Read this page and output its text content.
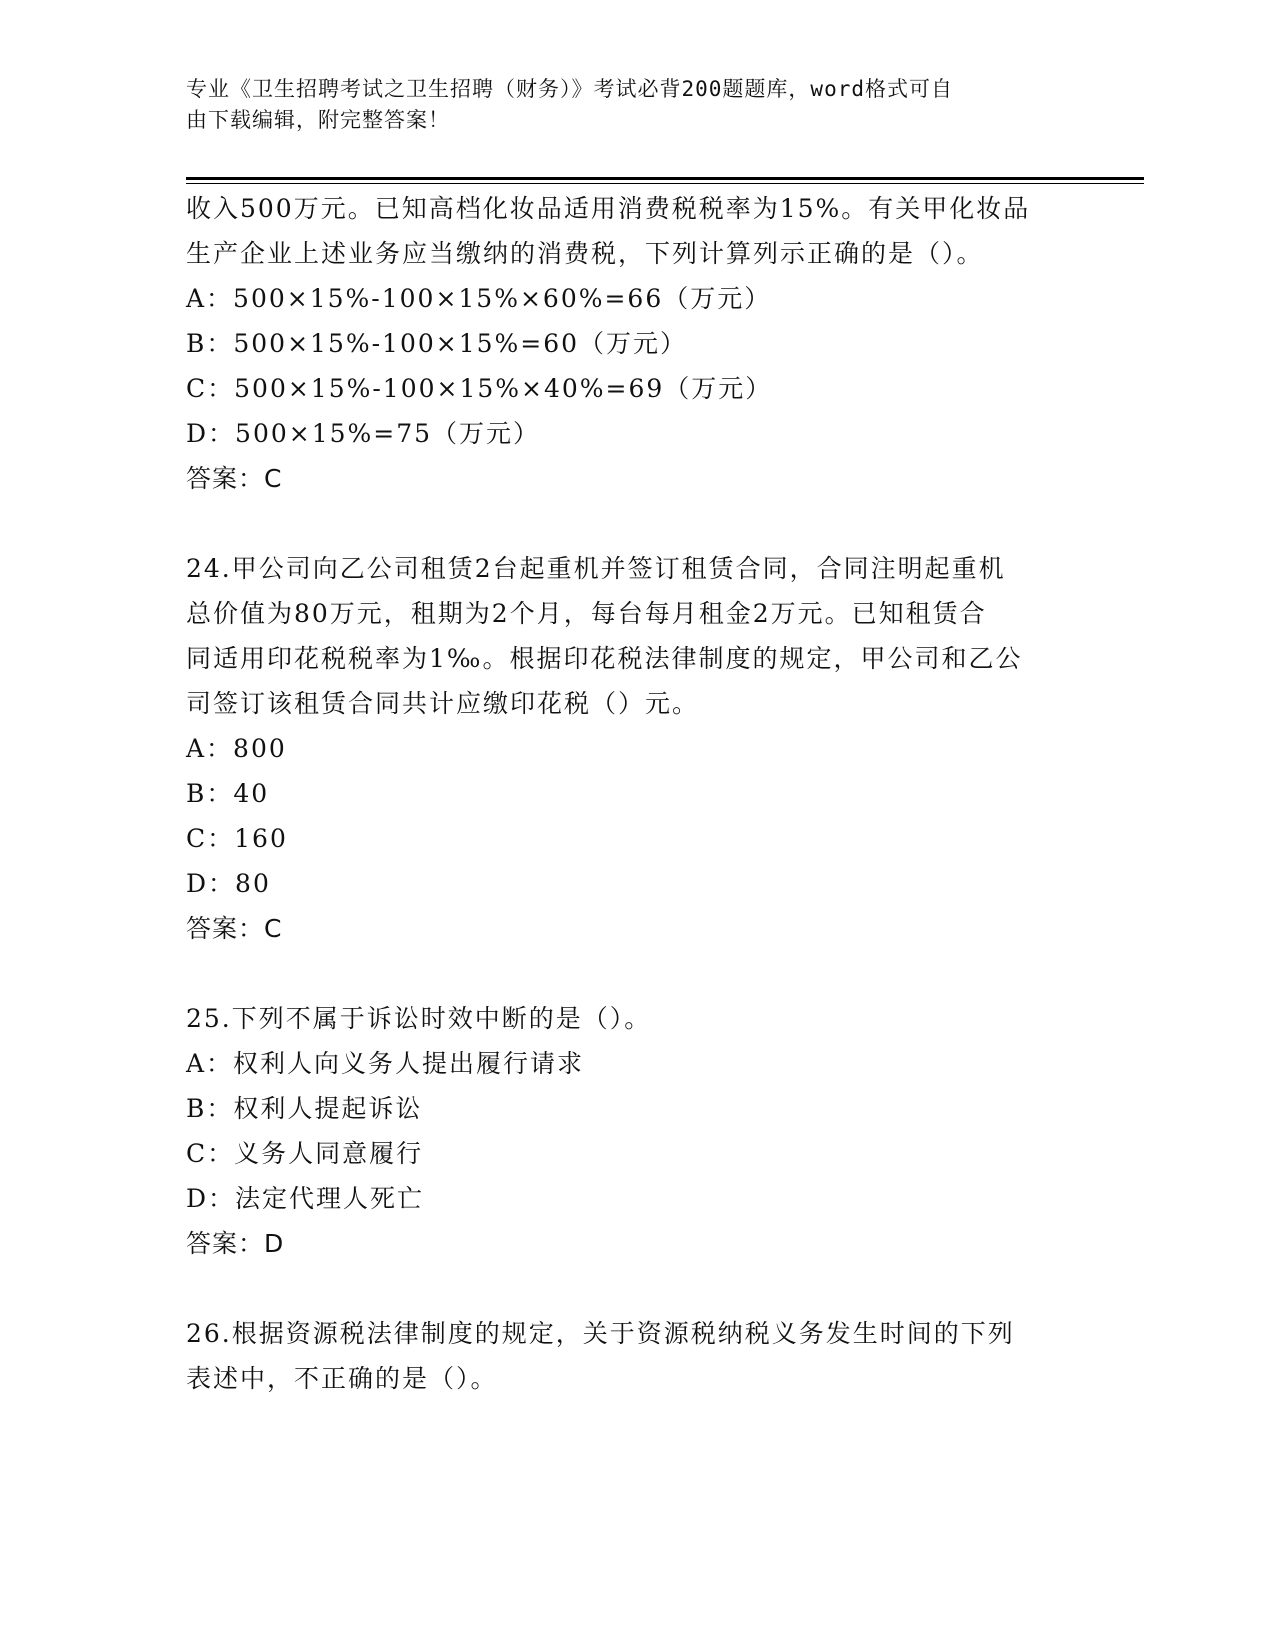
专业《卫生招聘考试之卫生招聘（财务）》考试必背200题题库，word格式可自
由下载编辑，附完整答案！
收入500万元。已知高档化妆品适用消费税税率为15%。有关甲化妆品
生产企业上述业务应当缴纳的消费税，下列计算列示正确的是（）。
A：500×15%-100×15%×60%=66（万元）
B：500×15%-100×15%=60（万元）
C：500×15%-100×15%×40%=69（万元）
D：500×15%=75（万元）
答案：C
24.甲公司向乙公司租赁2台起重机并签订租赁合同，合同注明起重机
总价值为80万元，租期为2个月，每台每月租金2万元。已知租赁合
同适用印花税税率为1‰。根据印花税法律制度的规定，甲公司和乙公
司签订该租赁合同共计应缴印花税（）元。
A：800
B：40
C：160
D：80
答案：C
25.下列不属于诉讼时效中断的是（）。
A：权利人向义务人提出履行请求
B：权利人提起诉讼
C：义务人同意履行
D：法定代理人死亡
答案：D
26.根据资源税法律制度的规定，关于资源税纳税义务发生时间的下列
表述中，不正确的是（）。
